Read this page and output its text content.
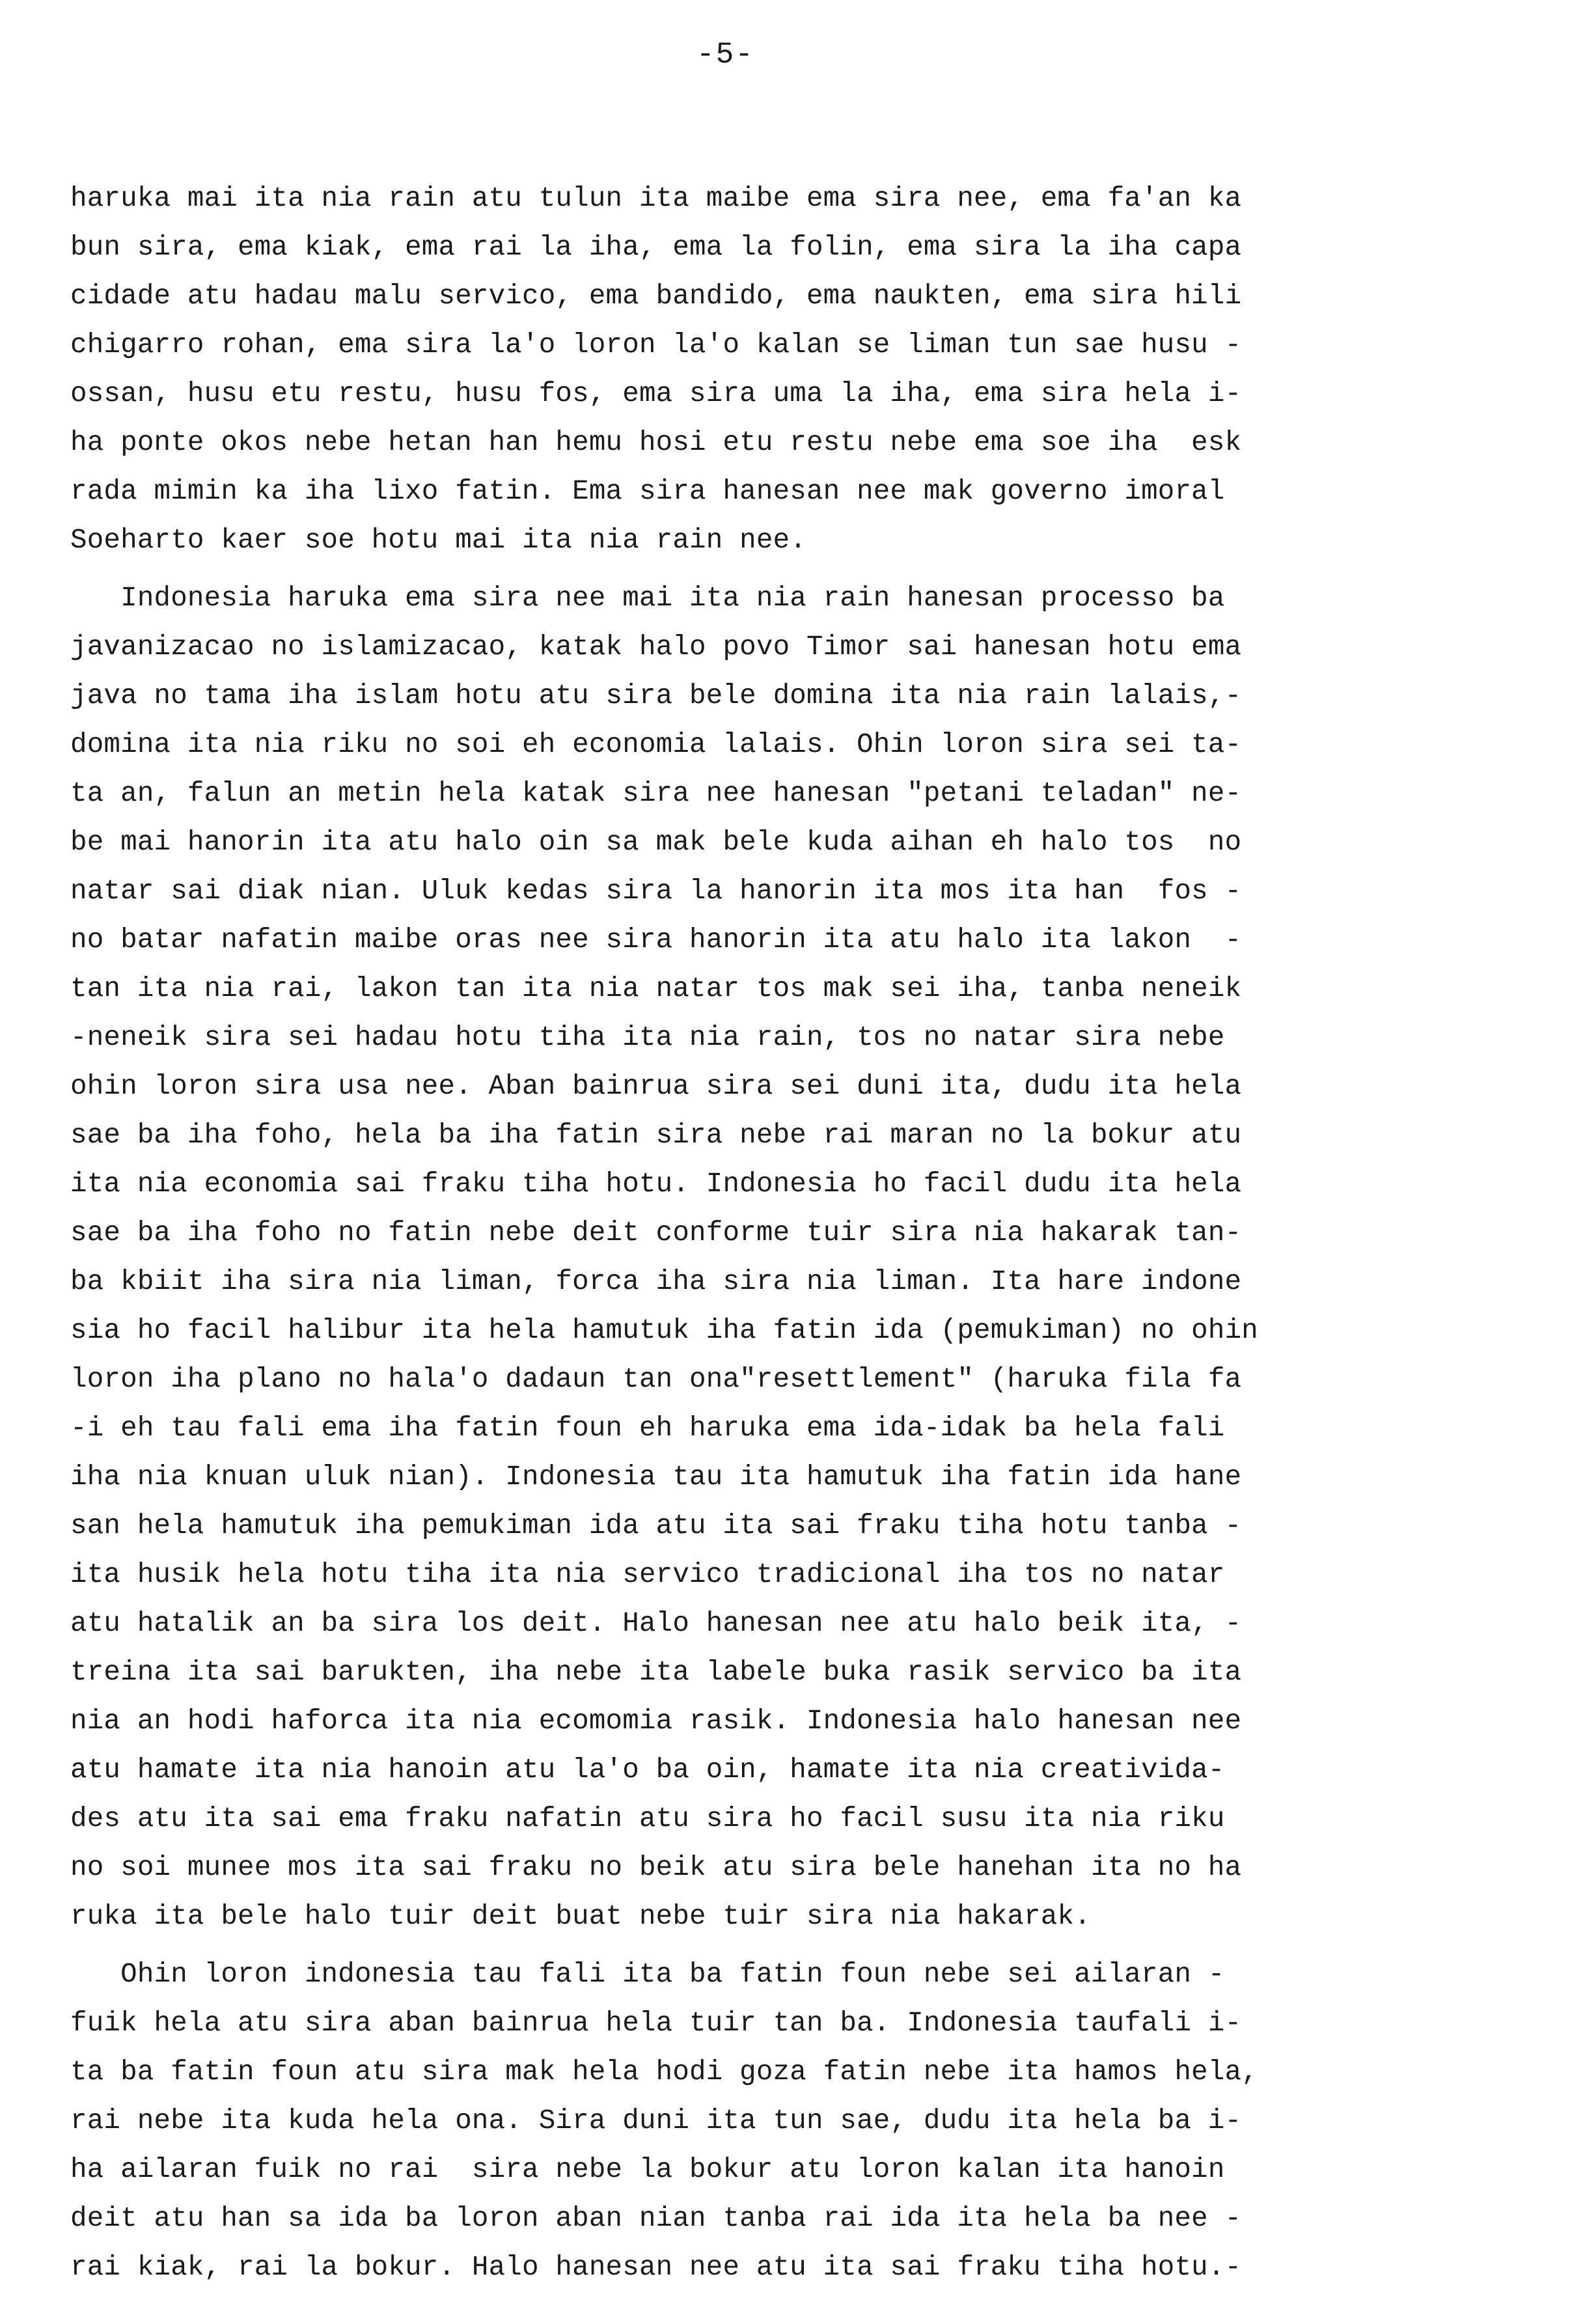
-5-
haruka mai ita nia rain atu tulun ita maibe ema sira nee, ema fa'an ka
bun sira, ema kiak, ema rai la iha, ema la folin, ema sira la iha capa
cidade atu hadau malu servico, ema bandido, ema naukten, ema sira hili
chigarro rohan, ema sira la'o loron la'o kalan se liman tun sae husu -
ossan, husu etu restu, husu fos, ema sira uma la iha, ema sira hela i-
ha ponte okos nebe hetan han hemu hosi etu restu nebe ema soe iha  esk
rada mimin ka iha lixo fatin. Ema sira hanesan nee mak governo imoral
Soeharto kaer soe hotu mai ita nia rain nee.
Indonesia haruka ema sira nee mai ita nia rain hanesan processo ba
javanizacao no islamizacao, katak halo povo Timor sai hanesan hotu ema
java no tama iha islam hotu atu sira bele domina ita nia rain lalais,-
domina ita nia riku no soi eh economia lalais. Ohin loron sira sei ta-
ta an, falun an metin hela katak sira nee hanesan "petani teladan" ne-
be mai hanorin ita atu halo oin sa mak bele kuda aihan eh halo tos  no
natar sai diak nian. Uluk kedas sira la hanorin ita mos ita han  fos -
no batar nafatin maibe oras nee sira hanorin ita atu halo ita lakon  -
tan ita nia rai, lakon tan ita nia natar tos mak sei iha, tanba neneik
-neneik sira sei hadau hotu tiha ita nia rain, tos no natar sira nebe
ohin loron sira usa nee. Aban bainrua sira sei duni ita, dudu ita hela
sae ba iha foho, hela ba iha fatin sira nebe rai maran no la bokur atu
ita nia economia sai fraku tiha hotu. Indonesia ho facil dudu ita hela
sae ba iha foho no fatin nebe deit conforme tuir sira nia hakarak tan-
ba kbiit iha sira nia liman, forca iha sira nia liman. Ita hare indone
sia ho facil halibur ita hela hamutuk iha fatin ida (pemukiman) no ohin
loron iha plano no hala'o dadaun tan ona"resettlement" (haruka fila fa
-i eh tau fali ema iha fatin foun eh haruka ema ida-idak ba hela fali
iha nia knuan uluk nian). Indonesia tau ita hamutuk iha fatin ida hane
san hela hamutuk iha pemukiman ida atu ita sai fraku tiha hotu tanba -
ita husik hela hotu tiha ita nia servico tradicional iha tos no natar
atu hatalik an ba sira los deit. Halo hanesan nee atu halo beik ita, -
treina ita sai barukten, iha nebe ita labele buka rasik servico ba ita
nia an hodi haforca ita nia ecomomia rasik. Indonesia halo hanesan nee
atu hamate ita nia hanoin atu la'o ba oin, hamate ita nia creativida-
des atu ita sai ema fraku nafatin atu sira ho facil susu ita nia riku
no soi munee mos ita sai fraku no beik atu sira bele hanehan ita no ha
ruka ita bele halo tuir deit buat nebe tuir sira nia hakarak.
Ohin loron indonesia tau fali ita ba fatin foun nebe sei ailaran -
fuik hela atu sira aban bainrua hela tuir tan ba. Indonesia taufali i-
ta ba fatin foun atu sira mak hela hodi goza fatin nebe ita hamos hela,
rai nebe ita kuda hela ona. Sira duni ita tun sae, dudu ita hela ba i-
ha ailaran fuik no rai  sira nebe la bokur atu loron kalan ita hanoin
deit atu han sa ida ba loron aban nian tanba rai ida ita hela ba nee -
rai kiak, rai la bokur. Halo hanesan nee atu ita sai fraku tiha hotu.-
